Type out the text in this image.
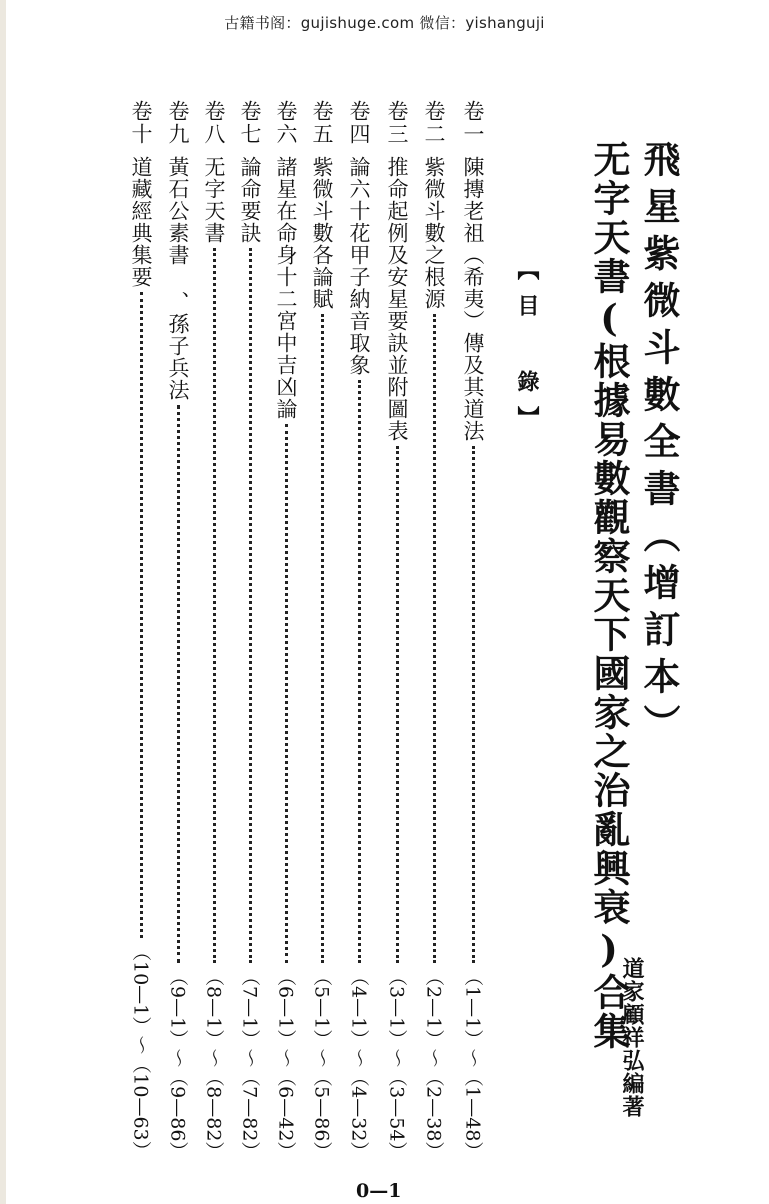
古籍书阁：gujishuge.com 微信：yishanguji
飛星紫微斗數全書（增訂本）
无字天書(根據易數觀察天下國家之治亂興衰)合集
道家顧祥弘編著
【目 錄】
卷一
陳摶老祖（希夷）傳及其道法
（1—1）～（1—48）
卷二
紫微斗數之根源
（2—1）～（2—38）
卷三
推命起例及安星要訣並附圖表
（3—1）～（3—54）
卷四
論六十花甲子納音取象
（4—1）～（4—32）
卷五
紫微斗數各論賦
（5—1）～（5—86）
卷六
諸星在命身十二宮中吉凶論
（6—1）～（6—42）
卷七
論命要訣
（7—1）～（7—82）
卷八
无字天書
（8—1）～（8—82）
卷九
黃石公素書 、孫子兵法
（9—1）～（9—86）
卷十
道藏經典集要
（10—1）～（10—63）
0—1
